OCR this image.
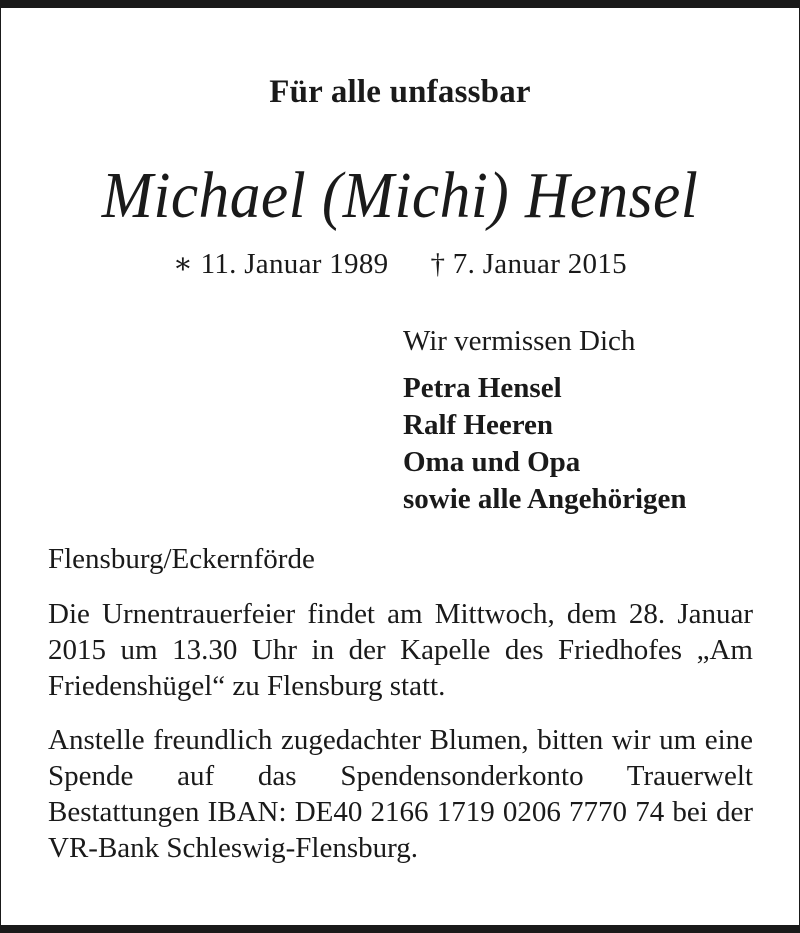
Für alle unfassbar
Michael (Michi) Hensel
∗ 11. Januar 1989 † 7. Januar 2015
Wir vermissen Dich
Petra Hensel
Ralf Heeren
Oma und Opa
sowie alle Angehörigen
Flensburg/Eckernförde
Die Urnentrauerfeier findet am Mittwoch, dem 28. Januar 2015 um 13.30 Uhr in der Kapelle des Friedhofes „Am Friedenshügel“ zu Flensburg statt.
Anstelle freundlich zugedachter Blumen, bitten wir um eine Spende auf das Spendensonderkonto Trauerwelt Bestattungen IBAN: DE40 2166 1719 0206 7770 74 bei der VR-Bank Schleswig-Flensburg.
